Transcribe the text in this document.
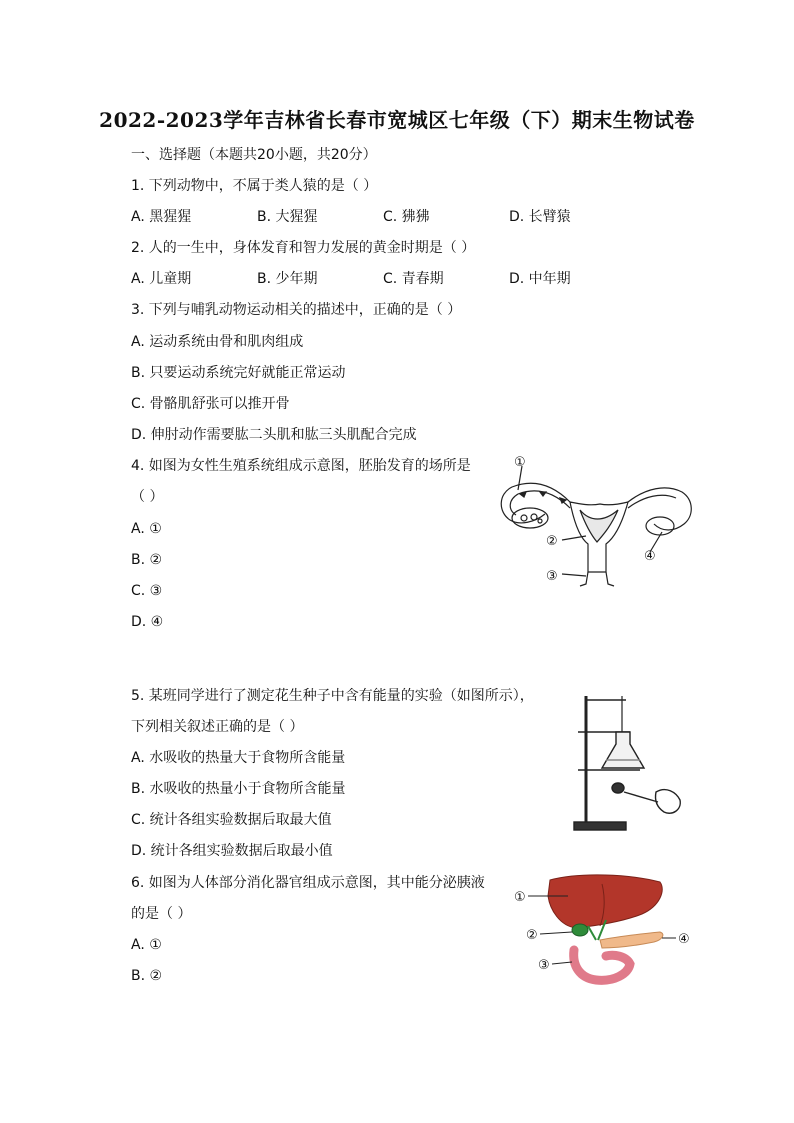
2022-2023学年吉林省长春市宽城区七年级（下）期末生物试卷
一、选择题（本题共20小题，共20分）
1. 下列动物中，不属于类人猿的是（ ）
A. 黑猩猩	B. 大猩猩	C. 狒狒	D. 长臂猿
2. 人的一生中，身体发育和智力发展的黄金时期是（ ）
A. 儿童期	B. 少年期	C. 青春期	D. 中年期
3. 下列与哺乳动物运动相关的描述中，正确的是（ ）
A. 运动系统由骨和肌肉组成
B. 只要运动系统完好就能正常运动
C. 骨骼肌舒张可以推开骨
D. 伸肘动作需要肱二头肌和肱三头肌配合完成
4. 如图为女性生殖系统组成示意图，胚胎发育的场所是
（ ）
A. ①
B. ②
C. ③
D. ④
①
②
③
④
5. 某班同学进行了测定花生种子中含有能量的实验（如图所示），
下列相关叙述正确的是（ ）
A. 水吸收的热量大于食物所含能量
B. 水吸收的热量小于食物所含能量
C. 统计各组实验数据后取最大值
D. 统计各组实验数据后取最小值
6. 如图为人体部分消化器官组成示意图，其中能分泌胰液
的是（ ）
A. ①
B. ②
①
②
③
④
